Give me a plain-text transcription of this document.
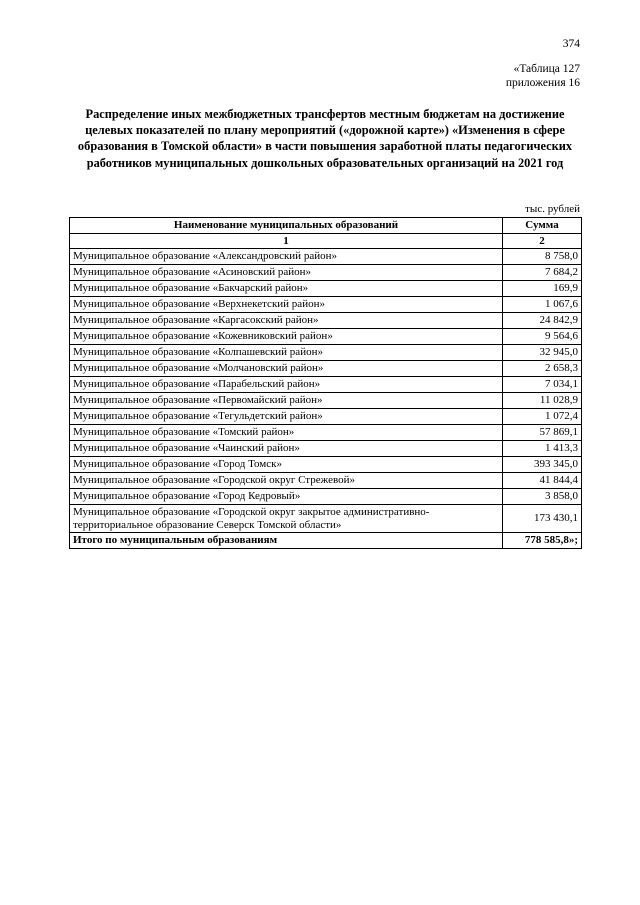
374
«Таблица 127
приложения 16
Распределение иных межбюджетных трансфертов местным бюджетам на достижение целевых показателей по плану мероприятий («дорожной карте») «Изменения в сфере образования в Томской области» в части повышения заработной платы педагогических работников муниципальных дошкольных образовательных организаций на 2021 год
тыс. рублей
Наименование муниципальных образований	Сумма
1	2
Муниципальное образование «Александровский район»	8 758,0
Муниципальное образование «Асиновский район»	7 684,2
Муниципальное образование «Бакчарский район»	169,9
Муниципальное образование «Верхнекетский район»	1 067,6
Муниципальное образование «Каргасокский район»	24 842,9
Муниципальное образование «Кожевниковский район»	9 564,6
Муниципальное образование «Колпашевский район»	32 945,0
Муниципальное образование «Молчановский район»	2 658,3
Муниципальное образование «Парабельский район»	7 034,1
Муниципальное образование «Первомайский район»	11 028,9
Муниципальное образование «Тегульдетский район»	1 072,4
Муниципальное образование «Томский район»	57 869,1
Муниципальное образование «Чаинский район»	1 413,3
Муниципальное образование «Город Томск»	393 345,0
Муниципальное образование «Городской округ Стрежевой»	41 844,4
Муниципальное образование «Город Кедровый»	3 858,0
Муниципальное образование «Городской округ закрытое административно-территориальное образование Северск Томской области»	173 430,1
Итого по муниципальным образованиям	778 585,8»;
